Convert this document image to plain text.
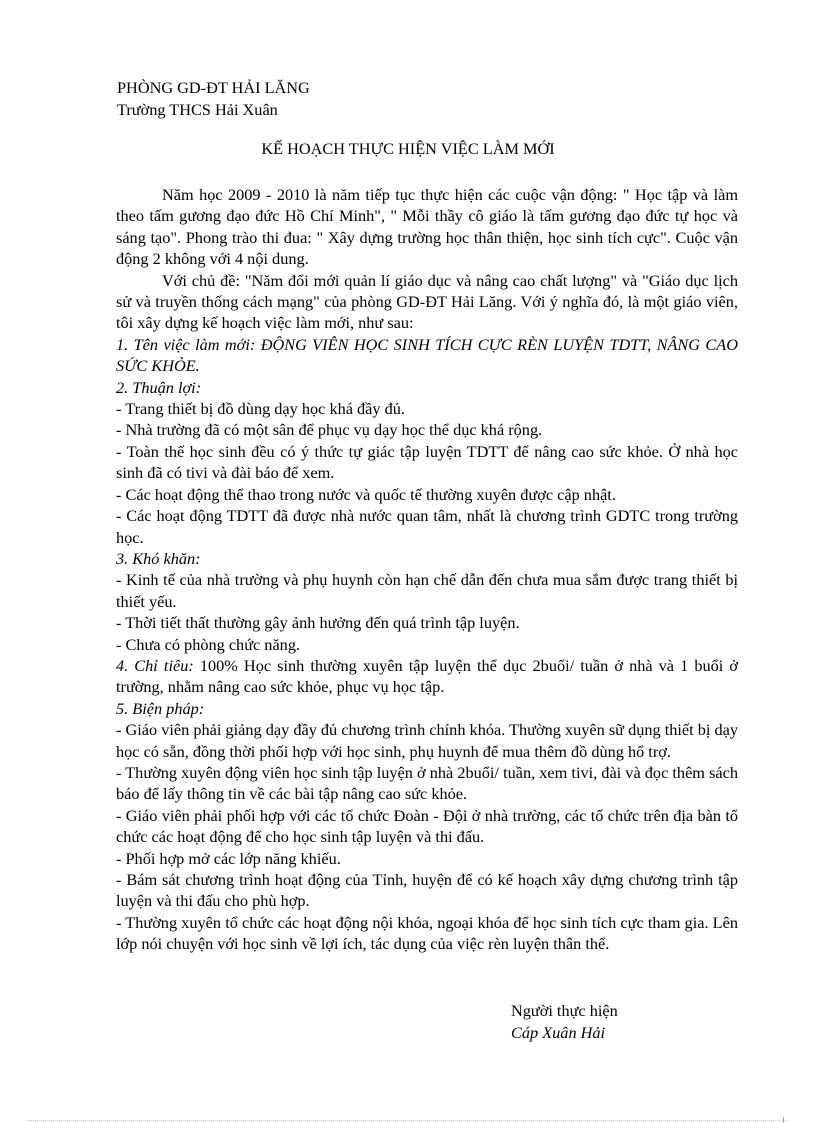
PHÒNG GD-ĐT HẢI LĂNG
Trường THCS Hải Xuân
KẾ HOẠCH THỰC HIỆN VIỆC LÀM MỚI

Năm học 2009 - 2010 là năm tiếp tục thực hiện các cuộc vận động: " Học tập và làm theo tấm gương đạo đức Hồ Chí Minh", " Mỗi thầy cô giáo là tấm gương đạo đức tự học và sáng tạo". Phong trào thi đua: " Xây dựng trường học thân thiện, học sinh tích cực". Cuộc vận động 2 không với 4 nội dung.

Với chủ đề: "Năm đổi mới quản lí giáo dục và nâng cao chất lượng" và "Giáo dục lịch sử và truyền thống cách mạng" của phòng GD-ĐT Hải Lăng. Với ý nghĩa đó, là một giáo viên, tôi xây dựng kế hoạch việc làm mới, như sau:

1. Tên việc làm mới: ĐỘNG VIÊN HỌC SINH TÍCH CỰC RÈN LUYỆN TDTT, NÂNG CAO SỨC KHỎE.

2. Thuận lợi:

- Trang thiết bị đồ dùng dạy học khá đầy đủ.

- Nhà trường đã có một sân để phục vụ dạy học thể dục khá rộng.

- Toàn thể học sinh đều có ý thức tự giác tập luyện TDTT để nâng cao sức khỏe. Ở nhà học sinh đã có tivi và đài báo để xem.

- Các hoạt động thể thao trong nước và quốc tế thường xuyên được cập nhật.

- Các hoạt động TDTT đã được nhà nước quan tâm, nhất là chương trình GDTC trong trường học.

3. Khó khăn:

- Kinh tế của nhà trường và phụ huynh còn hạn chế dẫn đến chưa mua sắm được trang thiết bị thiết yếu.

- Thời tiết thất thường gây ảnh hưởng đến quá trình tập luyện.

- Chưa có phòng chức năng.

4. Chỉ tiêu: 100% Học sinh thường xuyên tập luyện thể dục 2buổi/ tuần ở nhà và 1 buổi ở trường, nhằm nâng cao sức khỏe, phục vụ học tập.

5. Biện pháp:

- Giáo viên phải giảng dạy đầy đủ chương trình chính khóa. Thường xuyên sữ dụng thiết bị dạy học có sẵn, đồng thời phối hợp với học sinh, phụ huynh để mua thêm đồ dùng hổ trợ.

- Thường xuyên động viên học sinh tập luyện ở nhà 2buổi/ tuần, xem tivi, đài và đọc thêm sách báo để lấy thông tin về các bài tập nâng cao sức khỏe.

- Giáo viên phải phối hợp với các tổ chức Đoàn - Đội ở nhà trường, các tổ chức trên địa bàn tổ chức các hoạt động để cho học sinh tập luyện và thi đấu.

- Phối hợp mở các lớp năng khiếu.

- Bám sát chương trình hoạt động của Tỉnh, huyện để có kế hoạch xây dựng chương trình tập luyện và thi đấu cho phù hợp.

- Thường xuyên tổ chức các hoạt động nội khóa, ngoại khóa để học sinh tích cực tham gia. Lên lớp nói chuyện với học sinh về lợi ích, tác dụng của việc rèn luyện thân thể.

Người thực hiện
Cáp Xuân Hải
